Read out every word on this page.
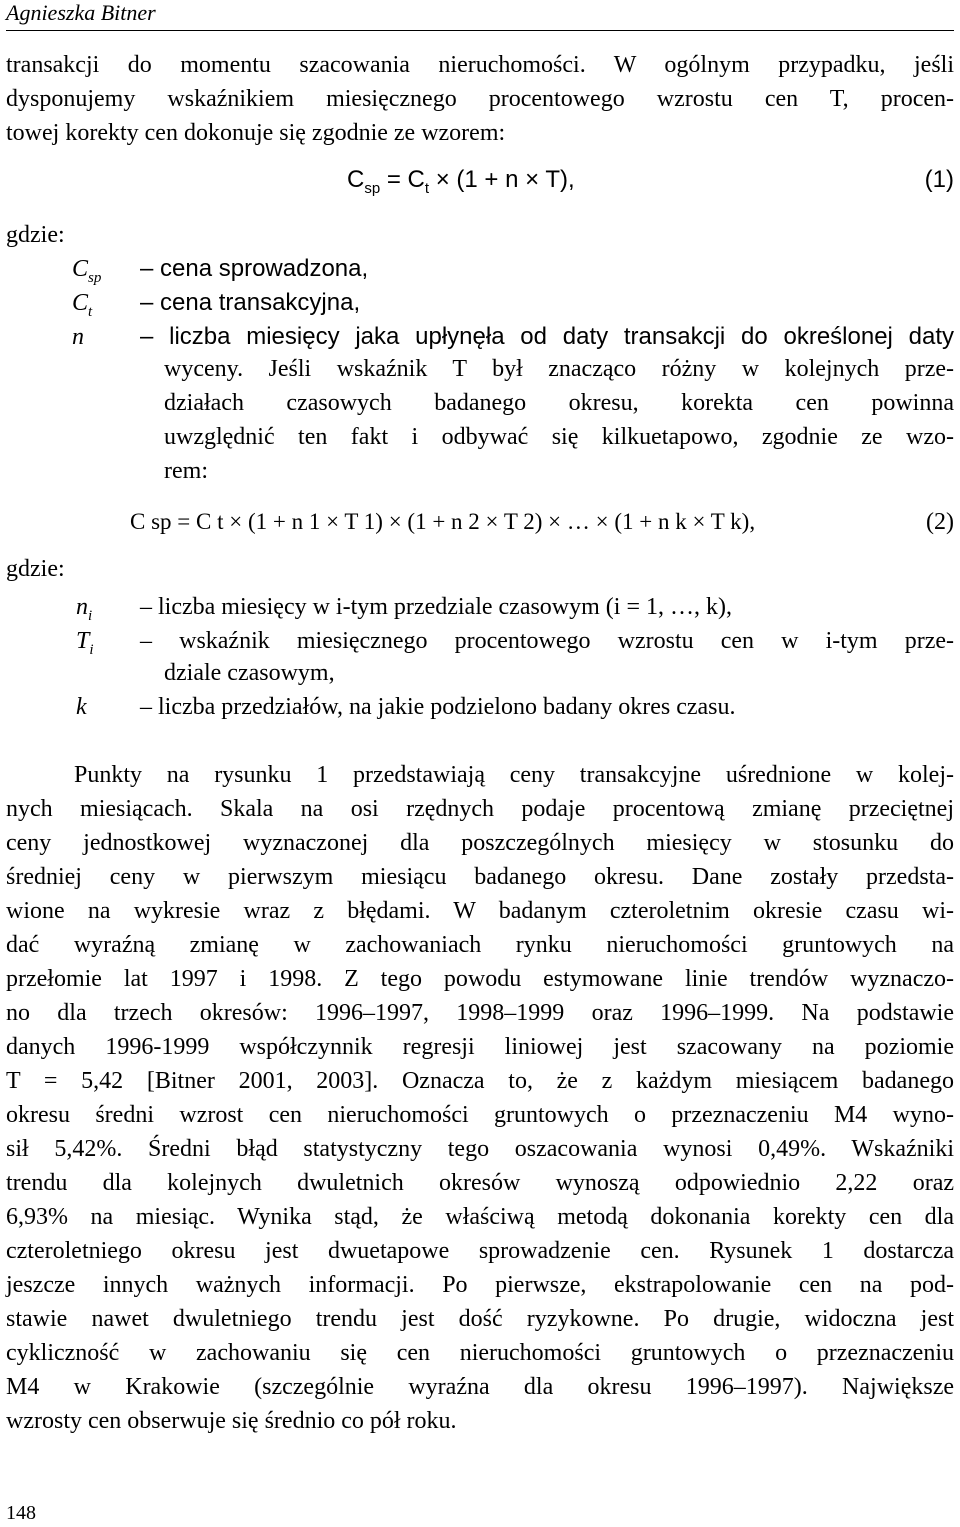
Agnieszka Bitner
transakcji do momentu szacowania nieruchomości. W ogólnym przypadku, jeśli
dysponujemy wskaźnikiem miesięcznego procentowego wzrostu cen T, procen-
towej korekty cen dokonuje się zgodnie ze wzorem:
$C_{sp} = C_t \times (1 + n \times T)$,	(1)
gdzie:
$C_{sp}$ – cena sprowadzona,
$C_t$ – cena transakcyjna,
n – liczba miesięcy jaka upłynęła od daty transakcji do określonej daty
wyceny. Jeśli wskaźnik T był znacząco różny w kolejnych prze-
działach czasowych badanego okresu, korekta cen powinna
uwzględnić ten fakt i odbywać się kilkuetapowo, zgodnie ze wzo-
rem:
C sp = C t × (1 + n 1 × T 1) × (1 + n 2 × T 2) × … × (1 + n k × T k),	(2)
gdzie:
$n_i$ – liczba miesięcy w i-tym przedziale czasowym (i = 1, …, k),
$T_i$ – wskaźnik miesięcznego procentowego wzrostu cen w i-tym prze-
dziale czasowym,
k – liczba przedziałów, na jakie podzielono badany okres czasu.
Punkty na rysunku 1 przedstawiają ceny transakcyjne uśrednione w kolej-
nych miesiącach. Skala na osi rzędnych podaje procentową zmianę przeciętnej
ceny jednostkowej wyznaczonej dla poszczególnych miesięcy w stosunku do
średniej ceny w pierwszym miesiącu badanego okresu. Dane zostały przedsta-
wione na wykresie wraz z błędami. W badanym czteroletnim okresie czasu wi-
dać wyraźną zmianę w zachowaniach rynku nieruchomości gruntowych na
przełomie lat 1997 i 1998. Z tego powodu estymowane linie trendów wyznaczo-
no dla trzech okresów: 1996–1997, 1998–1999 oraz 1996–1999. Na podstawie
danych 1996-1999 współczynnik regresji liniowej jest szacowany na poziomie
T = 5,42 [Bitner 2001, 2003]. Oznacza to, że z każdym miesiącem badanego
okresu średni wzrost cen nieruchomości gruntowych o przeznaczeniu M4 wyno-
sił 5,42%. Średni błąd statystyczny tego oszacowania wynosi 0,49%. Wskaźniki
trendu dla kolejnych dwuletnich okresów wynoszą odpowiednio 2,22 oraz
6,93% na miesiąc. Wynika stąd, że właściwą metodą dokonania korekty cen dla
czteroletniego okresu jest dwuetapowe sprowadzenie cen. Rysunek 1 dostarcza
jeszcze innych ważnych informacji. Po pierwsze, ekstrapolowanie cen na pod-
stawie nawet dwuletniego trendu jest dość ryzykowne. Po drugie, widoczna jest
cykliczność w zachowaniu się cen nieruchomości gruntowych o przeznaczeniu
M4 w Krakowie (szczególnie wyraźna dla okresu 1996–1997). Największe
wzrosty cen obserwuje się średnio co pół roku.
148
